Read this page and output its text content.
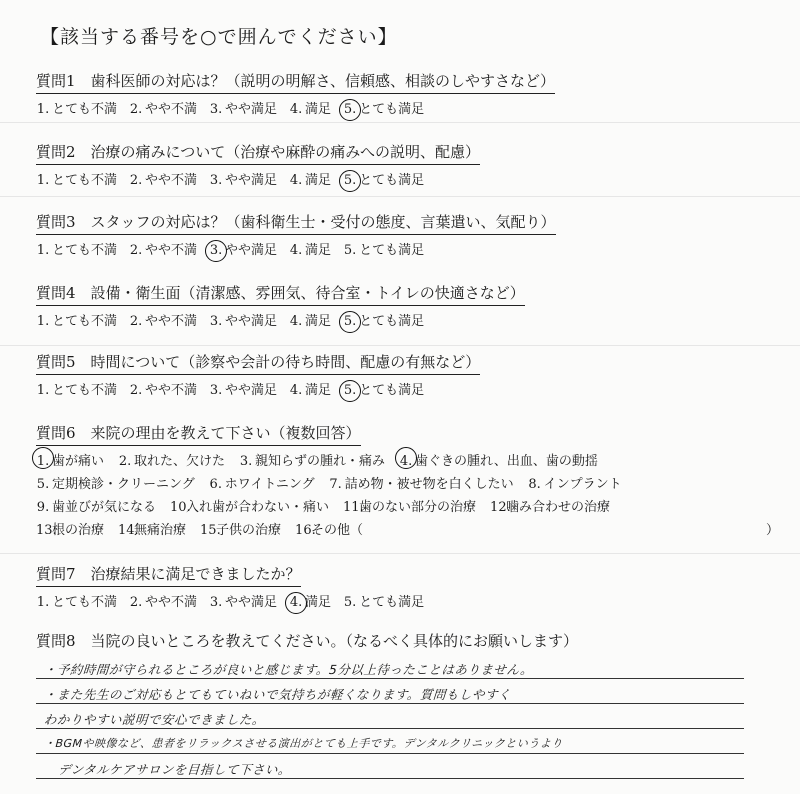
【該当する番号を○で囲んでください】
質問1　歯科医師の対応は？（説明の明解さ、信頼感、相談のしやすさなど）
1. とても不満 2. やや不満 3. やや満足 4. 満足 5. とても満足
質問2　治療の痛みについて（治療や麻酔の痛みへの説明、配慮）
1. とても不満 2. やや不満 3. やや満足 4. 満足 5. とても満足
質問3　スタッフの対応は？（歯科衛生士・受付の態度、言葉遣い、気配り）
1. とても不満 2. やや不満 3. やや満足 4. 満足 5. とても満足
質問4　設備・衛生面（清潔感、雰囲気、待合室・トイレの快適さなど）
1. とても不満 2. やや不満 3. やや満足 4. 満足 5. とても満足
質問5　時間について（診察や会計の待ち時間、配慮の有無など）
1. とても不満 2. やや不満 3. やや満足 4. 満足 5. とても満足
質問6　来院の理由を教えて下さい（複数回答）
1. 歯が痛い 2. 取れた、欠けた 3. 親知らずの腫れ・痛み 4. 歯ぐきの腫れ、出血、歯の動揺
5. 定期検診・クリーニング 6. ホワイトニング 7. 詰め物・被せ物を白くしたい 8. インプラント
9. 歯並びが気になる 10.入れ歯が合わない・痛い 11.歯のない部分の治療 12.噛み合わせの治療
13.根の治療 14.無痛治療 15.子供の治療 16.その他（	）
質問7　治療結果に満足できましたか？
1. とても不満 2. やや不満 3. やや満足 4. 満足 5. とても満足
質問8　当院の良いところを教えてください。（なるべく具体的にお願いします）
・予約時間が守られるところが良いと感じます。5分以上待ったことはありません。
・また先生のご対応もとてもていねいで気持ちが軽くなります。質問もしやすく
わかりやすい説明で安心できました。
・BGMや映像など、患者をリラックスさせる演出がとても上手です。デンタルクリニックというより
デンタルケアサロンを目指して下さい。
